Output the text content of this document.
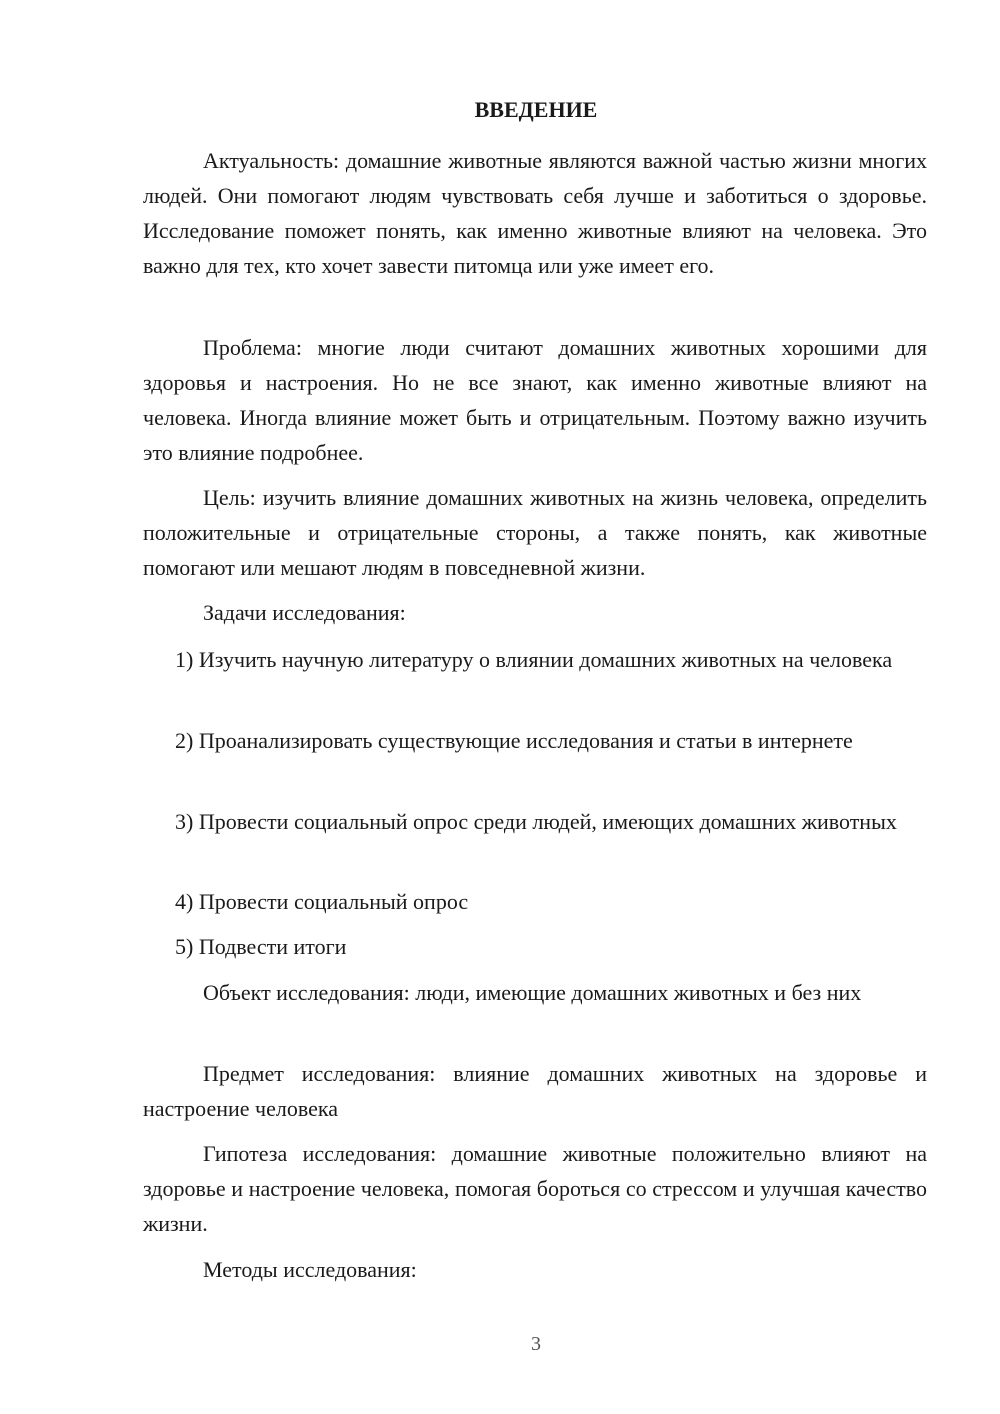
ВВЕДЕНИЕ

Актуальность: домашние животные являются важной частью жизни многих людей. Они помогают людям чувствовать себя лучше и заботиться о здоровье. Исследование поможет понять, как именно животные влияют на человека. Это важно для тех, кто хочет завести питомца или уже имеет его.

Проблема: многие люди считают домашних животных хорошими для здоровья и настроения. Но не все знают, как именно животные влияют на человека. Иногда влияние может быть и отрицательным. Поэтому важно изучить это влияние подробнее.

Цель: изучить влияние домашних животных на жизнь человека, определить положительные и отрицательные стороны, а также понять, как животные помогают или мешают людям в повседневной жизни.

Задачи исследования:

1) Изучить научную литературу о влиянии домашних животных на человека

2) Проанализировать существующие исследования и статьи в интернете

3) Провести социальный опрос среди людей, имеющих домашних животных

4) Провести социальный опрос

5) Подвести итоги

Объект исследования: люди, имеющие домашних животных и без них

Предмет исследования: влияние домашних животных на здоровье и настроение человека

Гипотеза исследования: домашние животные положительно влияют на здоровье и настроение человека, помогая бороться со стрессом и улучшая качество жизни.

Методы исследования:

3
